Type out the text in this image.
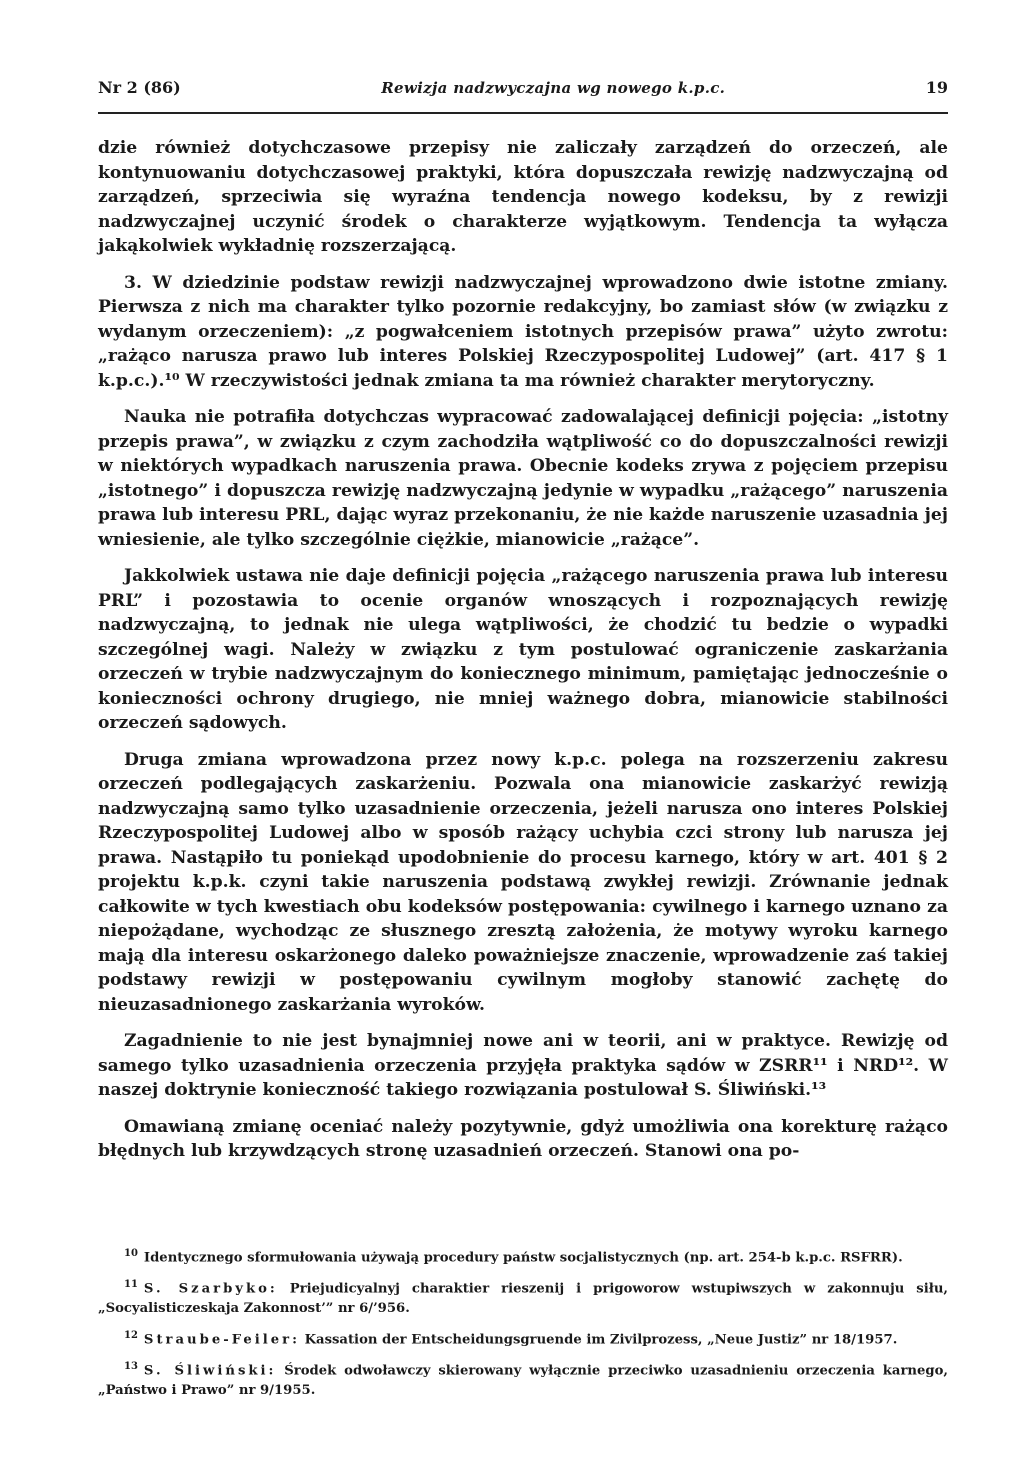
Nr 2 (86)	Rewizja nadzwyczajna wg nowego k.p.c.	19

dzie również dotychczasowe przepisy nie zaliczały zarządzeń do orzeczeń, ale kontynuowaniu dotychczasowej praktyki, która dopuszczała rewizję nadzwyczajną od zarządzeń, sprzeciwia się wyraźna tendencja nowego kodeksu, by z rewizji nadzwyczajnej uczynić środek o charakterze wyjątkowym. Tendencja ta wyłącza jakąkolwiek wykładnię rozszerzającą.

3. W dziedzinie podstaw rewizji nadzwyczajnej wprowadzono dwie istotne zmiany. Pierwsza z nich ma charakter tylko pozornie redakcyjny, bo zamiast słów (w związku z wydanym orzeczeniem): „z pogwałceniem istotnych przepisów prawa” użyto zwrotu: „rażąco narusza prawo lub interes Polskiej Rzeczypospolitej Ludowej” (art. 417 § 1 k.p.c.).¹⁰ W rzeczywistości jednak zmiana ta ma również charakter merytoryczny.

Nauka nie potrafiła dotychczas wypracować zadowalającej definicji pojęcia: „istotny przepis prawa”, w związku z czym zachodziła wątpliwość co do dopuszczalności rewizji w niektórych wypadkach naruszenia prawa. Obecnie kodeks zrywa z pojęciem przepisu „istotnego” i dopuszcza rewizję nadzwyczajną jedynie w wypadku „rażącego” naruszenia prawa lub interesu PRL, dając wyraz przekonaniu, że nie każde naruszenie uzasadnia jej wniesienie, ale tylko szczególnie ciężkie, mianowicie „rażące”.

Jakkolwiek ustawa nie daje definicji pojęcia „rażącego naruszenia prawa lub interesu PRL” i pozostawia to ocenie organów wnoszących i rozpoznających rewizję nadzwyczajną, to jednak nie ulega wątpliwości, że chodzić tu bedzie o wypadki szczególnej wagi. Należy w związku z tym postulować ograniczenie zaskarżania orzeczeń w trybie nadzwyczajnym do koniecznego minimum, pamiętając jednocześnie o konieczności ochrony drugiego, nie mniej ważnego dobra, mianowicie stabilności orzeczeń sądowych.

Druga zmiana wprowadzona przez nowy k.p.c. polega na rozszerzeniu zakresu orzeczeń podlegających zaskarżeniu. Pozwala ona mianowicie zaskarżyć rewizją nadzwyczajną samo tylko uzasadnienie orzeczenia, jeżeli narusza ono interes Polskiej Rzeczypospolitej Ludowej albo w sposób rażący uchybia czci strony lub narusza jej prawa. Nastąpiło tu poniekąd upodobnienie do procesu karnego, który w art. 401 § 2 projektu k.p.k. czyni takie naruszenia podstawą zwykłej rewizji. Zrównanie jednak całkowite w tych kwestiach obu kodeksów postępowania: cywilnego i karnego uznano za niepożądane, wychodząc ze słusznego zresztą założenia, że motywy wyroku karnego mają dla interesu oskarżonego daleko poważniejsze znaczenie, wprowadzenie zaś takiej podstawy rewizji w postępowaniu cywilnym mogłoby stanowić zachętę do nieuzasadnionego zaskarżania wyroków.

Zagadnienie to nie jest bynajmniej nowe ani w teorii, ani w praktyce. Rewizję od samego tylko uzasadnienia orzeczenia przyjęła praktyka sądów w ZSRR¹¹ i NRD¹². W naszej doktrynie konieczność takiego rozwiązania postulował S. Śliwiński.¹³

Omawianą zmianę oceniać należy pozytywnie, gdyż umożliwia ona korekturę rażąco błędnych lub krzywdzących stronę uzasadnień orzeczeń. Stanowi ona po-

$^{10}$ Identycznego sformułowania używają procedury państw socjalistycznych (np. art. 254-b k.p.c. RSFRR).
$^{11}$ S. Szarbyko: Priejudicyalnyj charaktier rieszenij i prigoworow wstupiwszych w zakonnuju siłu, „Socyalisticzeskaja Zakonnost’” nr 6/’956.
$^{12}$ Straube-Feiler: Kassation der Entscheidungsgruende im Zivilprozess, „Neue Justiz” nr 18/1957.
$^{13}$ S. Śliwiński: Środek odwoławczy skierowany wyłącznie przeciwko uzasadnieniu orzeczenia karnego, „Państwo i Prawo” nr 9/1955.
